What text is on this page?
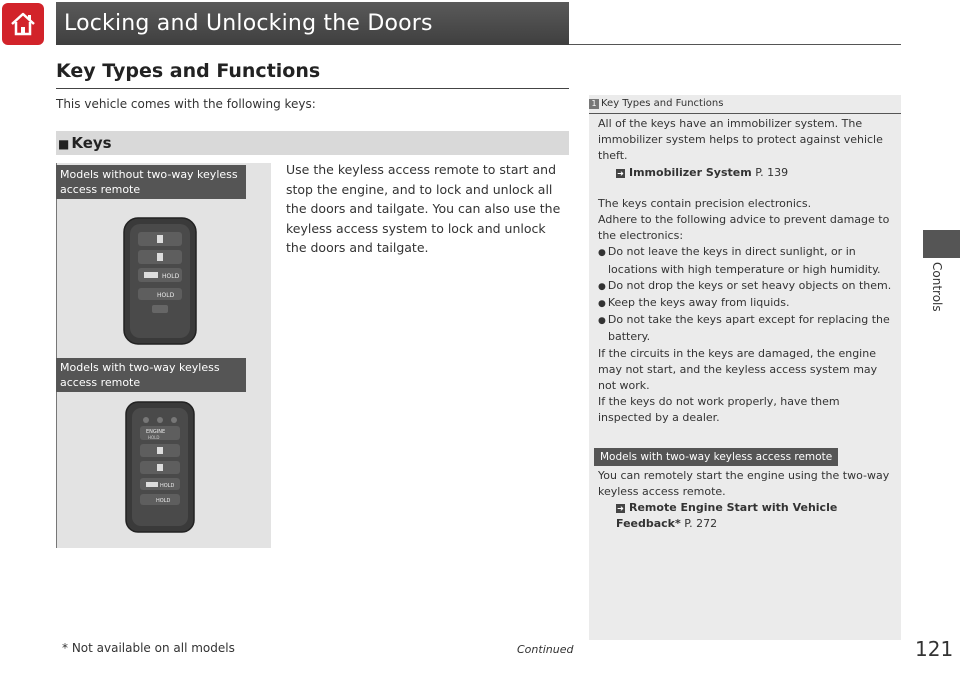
Locking and Unlocking the Doors
Key Types and Functions
This vehicle comes with the following keys:
■ Keys
Models without two-way keyless access remote
Models with two-way keyless access remote
HOLD
HOLD
ENGINE
HOLD
HOLD
HOLD
Use the keyless access remote to start and stop the engine, and to lock and unlock all the doors and tailgate. You can also use the keyless access system to lock and unlock the doors and tailgate.
1 Key Types and Functions

All of the keys have an immobilizer system. The immobilizer system helps to protect against vehicle theft.

➜ Immobilizer System P. 139

The keys contain precision electronics.

Adhere to the following advice to prevent damage to the electronics:

● Do not leave the keys in direct sunlight, or in locations with high temperature or high humidity.

● Do not drop the keys or set heavy objects on them.

● Keep the keys away from liquids.

● Do not take the keys apart except for replacing the battery.

If the circuits in the keys are damaged, the engine may not start, and the keyless access system may not work.

If the keys do not work properly, have them inspected by a dealer.

Models with two-way keyless access remote

You can remotely start the engine using the two-way keyless access remote.

➜ Remote Engine Start with Vehicle Feedback* P. 272

Controls
* Not available on all models	Continued	121
